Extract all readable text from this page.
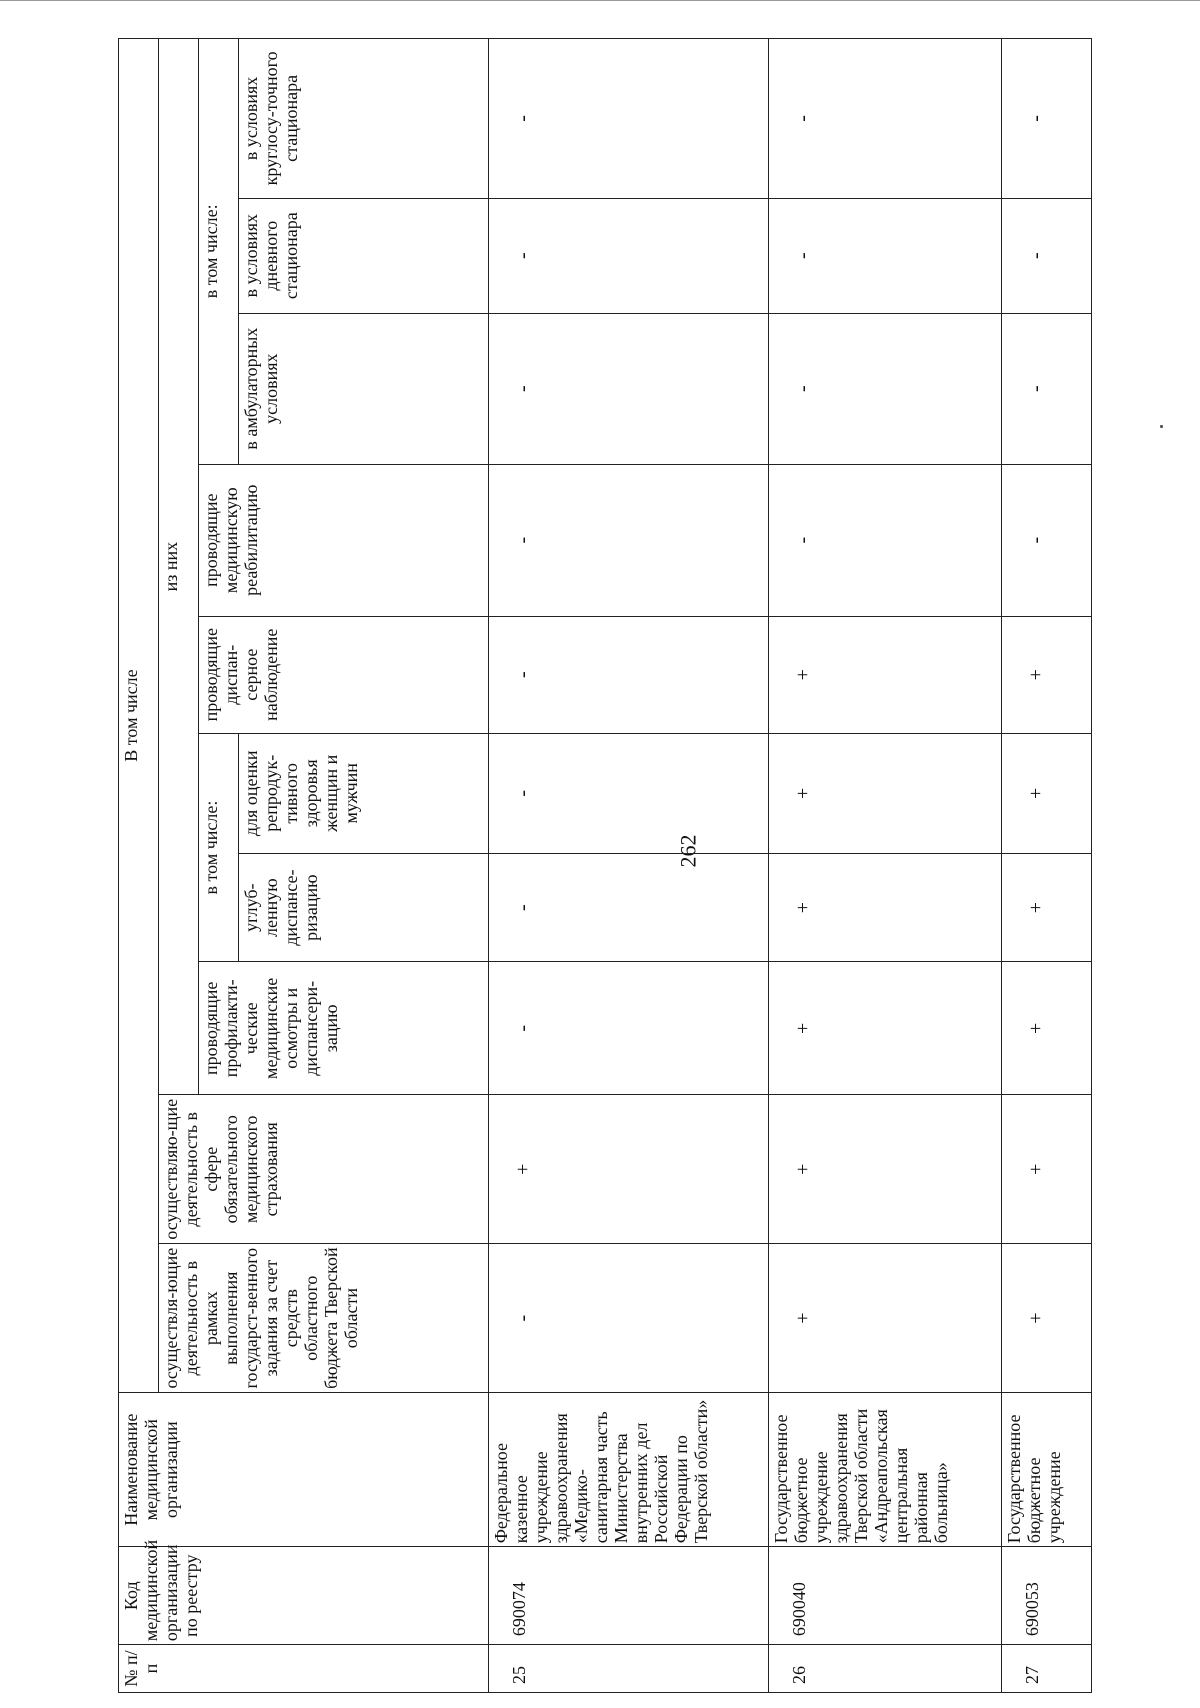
262
№ п/п	Код медицинской организации по реестру	Наименование медицинской организации	В том числе									
			осуществля-ющие деятельность в рамках выполнения государст-венного задания за счет средств областного бюджета Тверской области	осуществляю-щие деятельность в сфере обязательного медицинского страхования	из них							
					проводящие профилакти-ческие медицинские осмотры и диспансери-зацию	в том числе:		проводящие диспан-серное наблюдение	проводящие медицинскую реабилитацию	в том числе:		
						углуб-ленную диспансе-ризацию	для оценки репродук-тивного здоровья женщин и мужчин			в амбулаторных условиях	в условиях дневного стационара	в условиях круглосу-точного стационара

25	690074	Федеральное казенное учреждение здравоохранения «Медико-санитарная часть Министерства внутренних дел Российской Федерации по Тверской области»	-	+	-	-	-	-	-	-	-	-
26	690040	Государственное бюджетное учреждение здравоохранения Тверской области «Андреапольская центральная районная больница»	+	+	+	+	+	+	-	-	-	-
27	690053	Государственное бюджетное учреждение	+	+	+	+	+	+	-	-	-	-
